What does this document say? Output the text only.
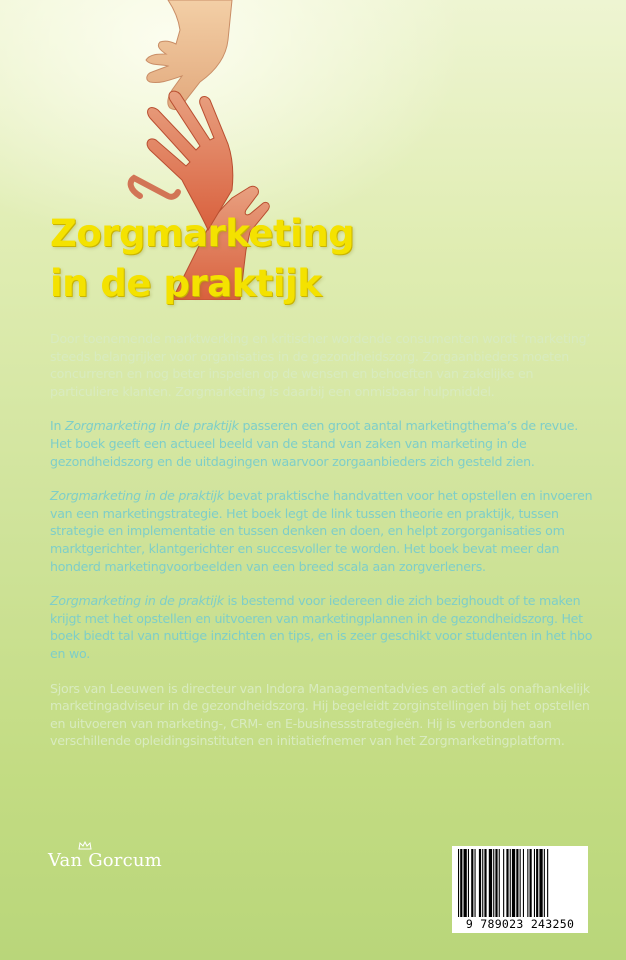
Zorgmarketing
in de praktijk

Door toenemende marktwerking en kritischer wordende consumenten wordt ‘marketing’ steeds belangrijker voor organisaties in de gezondheidszorg. Zorgaanbieders moeten concurreren en nog beter inspelen op de wensen en behoeften van zakelijke en particuliere klanten. Zorgmarketing is daarbij een onmisbaar hulpmiddel.

In Zorgmarketing in de praktijk passeren een groot aantal marketingthema’s de revue. Het boek geeft een actueel beeld van de stand van zaken van marketing in de gezondheidszorg en de uitdagingen waarvoor zorgaanbieders zich gesteld zien.

Zorgmarketing in de praktijk bevat praktische handvatten voor het opstellen en invoeren van een marketingstrategie. Het boek legt de link tussen theorie en praktijk, tussen strategie en implementatie en tussen denken en doen, en helpt zorgorganisaties om marktgerichter, klantgerichter en succesvoller te worden. Het boek bevat meer dan honderd marketingvoorbeelden van een breed scala aan zorgverleners.

Zorgmarketing in de praktijk is bestemd voor iedereen die zich bezighoudt of te maken krijgt met het opstellen en uitvoeren van marketingplannen in de gezondheidszorg. Het boek biedt tal van nuttige inzichten en tips, en is zeer geschikt voor studenten in het hbo en wo.

Sjors van Leeuwen is directeur van Indora Managementadvies en actief als onafhankelijk marketingadviseur in de gezondheidszorg. Hij begeleidt zorginstellingen bij het opstellen en uitvoeren van marketing-, CRM- en E-businessstrategieën. Hij is verbonden aan verschillende opleidingsinstituten en initiatiefnemer van het Zorgmarketingplatform.

Van Gorcum
9 789023 243250
